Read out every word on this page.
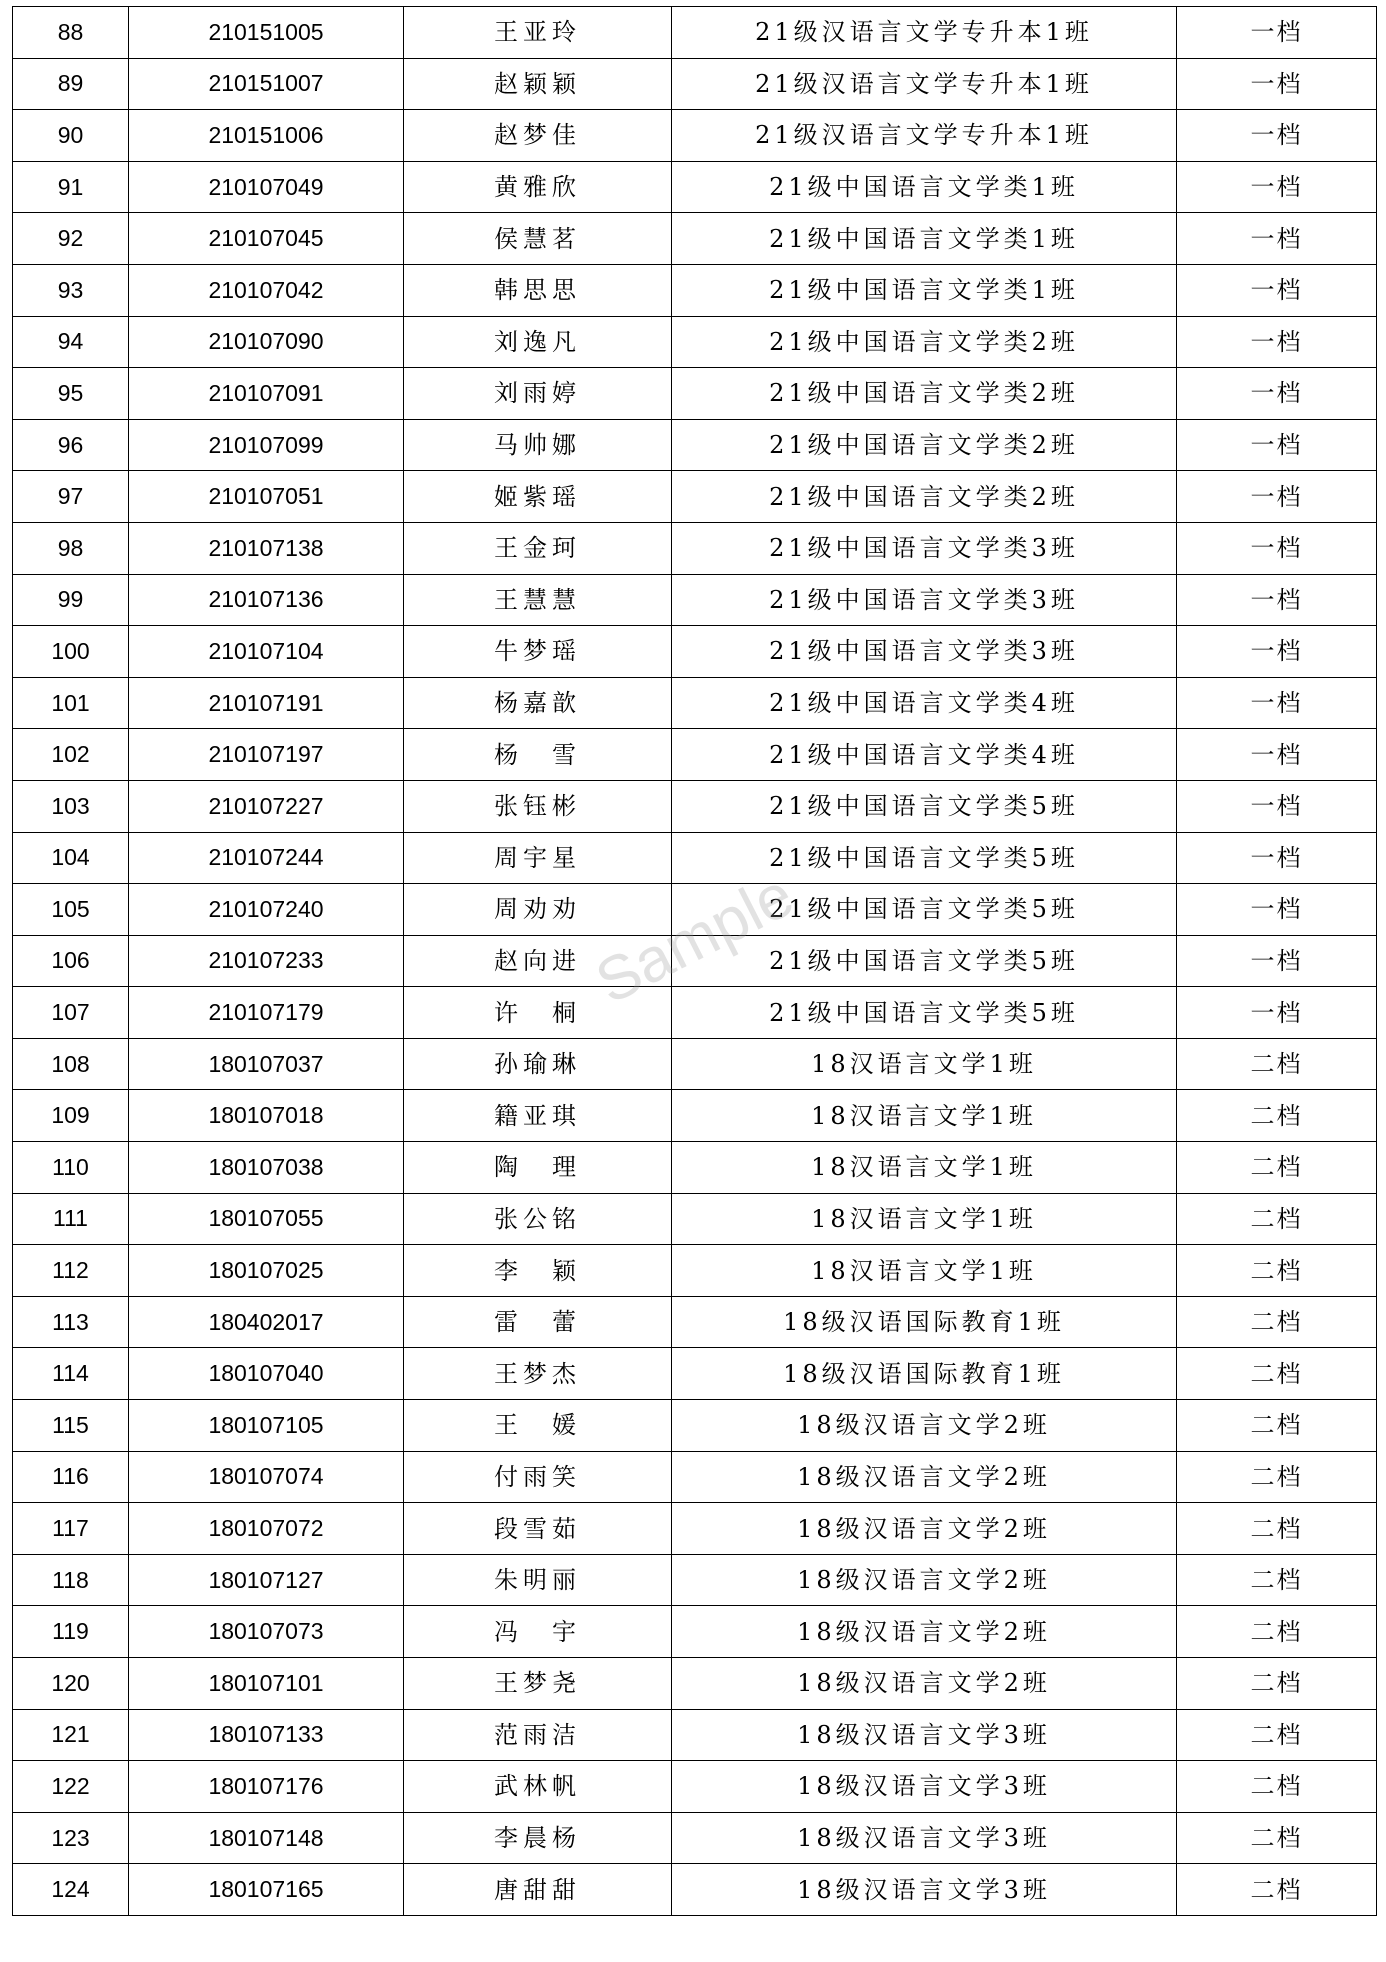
88	210151005	王亚玲	21级汉语言文学专升本1班	一档
89	210151007	赵颖颖	21级汉语言文学专升本1班	一档
90	210151006	赵梦佳	21级汉语言文学专升本1班	一档
91	210107049	黄雅欣	21级中国语言文学类1班	一档
92	210107045	侯慧茗	21级中国语言文学类1班	一档
93	210107042	韩思思	21级中国语言文学类1班	一档
94	210107090	刘逸凡	21级中国语言文学类2班	一档
95	210107091	刘雨婷	21级中国语言文学类2班	一档
96	210107099	马帅娜	21级中国语言文学类2班	一档
97	210107051	姬紫瑶	21级中国语言文学类2班	一档
98	210107138	王金珂	21级中国语言文学类3班	一档
99	210107136	王慧慧	21级中国语言文学类3班	一档
100	210107104	牛梦瑶	21级中国语言文学类3班	一档
101	210107191	杨嘉歆	21级中国语言文学类4班	一档
102	210107197	杨　雪	21级中国语言文学类4班	一档
103	210107227	张钰彬	21级中国语言文学类5班	一档
104	210107244	周宇星	21级中国语言文学类5班	一档
105	210107240	周劝劝	21级中国语言文学类5班	一档
106	210107233	赵向进	21级中国语言文学类5班	一档
107	210107179	许　桐	21级中国语言文学类5班	一档
108	180107037	孙瑜琳	18汉语言文学1班	二档
109	180107018	籍亚琪	18汉语言文学1班	二档
110	180107038	陶　理	18汉语言文学1班	二档
111	180107055	张公铭	18汉语言文学1班	二档
112	180107025	李　颖	18汉语言文学1班	二档
113	180402017	雷　蕾	18级汉语国际教育1班	二档
114	180107040	王梦杰	18级汉语国际教育1班	二档
115	180107105	王　媛	18级汉语言文学2班	二档
116	180107074	付雨笑	18级汉语言文学2班	二档
117	180107072	段雪茹	18级汉语言文学2班	二档
118	180107127	朱明丽	18级汉语言文学2班	二档
119	180107073	冯　宇	18级汉语言文学2班	二档
120	180107101	王梦尧	18级汉语言文学2班	二档
121	180107133	范雨洁	18级汉语言文学3班	二档
122	180107176	武林帆	18级汉语言文学3班	二档
123	180107148	李晨杨	18级汉语言文学3班	二档
124	180107165	唐甜甜	18级汉语言文学3班	二档
Sample
